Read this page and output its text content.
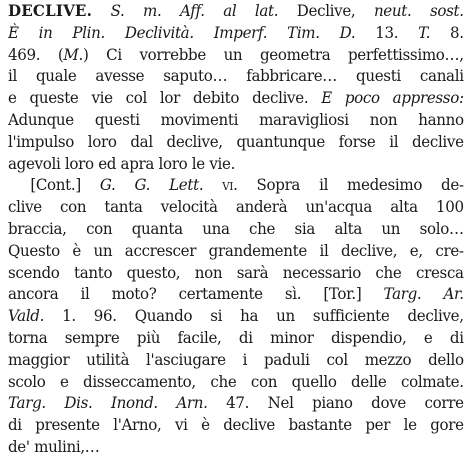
DECLIVE. S. m. Aff. al lat. Declive, neut. sost.
È in Plin. Declività. Imperf. Tim. D. 13. T. 8.
469. (M.) Ci vorrebbe un geometra perfettissimo…,
il quale avesse saputo… fabbricare… questi canali
e queste vie col lor debito declive. E poco appresso:
Adunque questi movimenti maravigliosi non hanno
l'impulso loro dal declive, quantunque forse il declive
agevoli loro ed apra loro le vie.
[Cont.] G. G. Lett. vi. Sopra il medesimo de-
clive con tanta velocità anderà un'acqua alta 100
braccia, con quanta una che sia alta un solo…
Questo è un accrescer grandemente il declive, e, cre-
scendo tanto questo, non sarà necessario che cresca
ancora il moto? certamente sì. [Tor.] Targ. Ar.
Vald. 1. 96. Quando si ha un sufficiente declive,
torna sempre più facile, di minor dispendio, e di
maggior utilità l'asciugare i paduli col mezzo dello
scolo e disseccamento, che con quello delle colmate.
Targ. Dis. Inond. Arn. 47. Nel piano dove corre
di presente l'Arno, vi è declive bastante per le gore
de' mulini,…
